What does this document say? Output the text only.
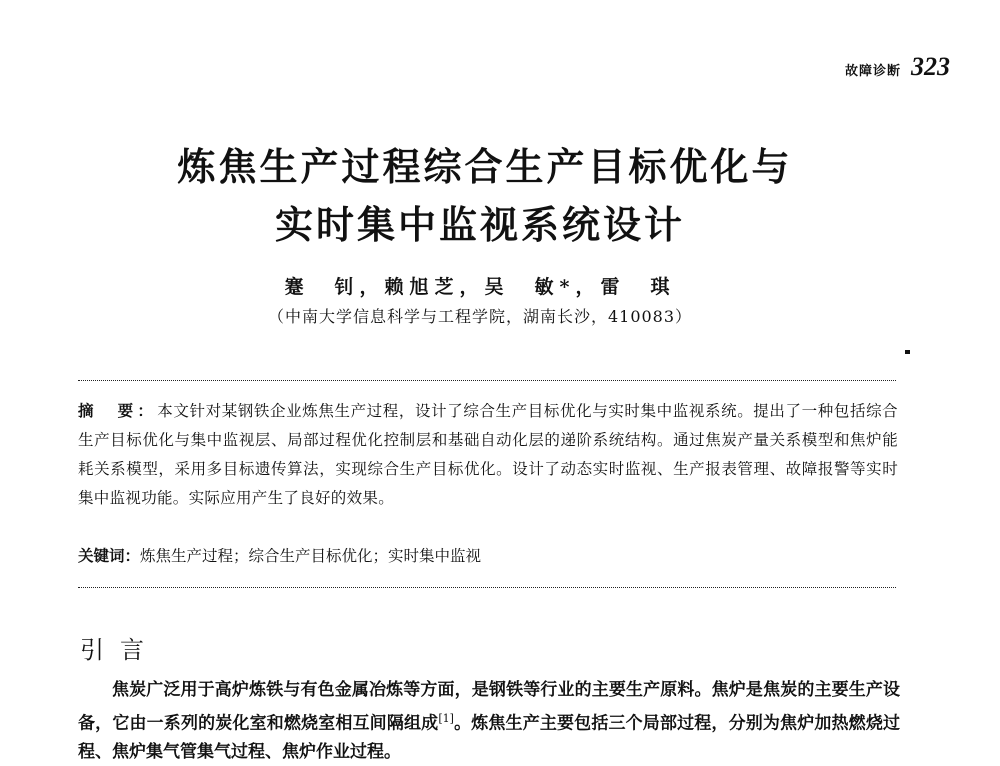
故障诊断 323
炼焦生产过程综合生产目标优化与
实时集中监视系统设计
蹇　钊，赖旭芝，吴　敏*，雷　琪
（中南大学信息科学与工程学院，湖南长沙，410083）
摘　要：本文针对某钢铁企业炼焦生产过程，设计了综合生产目标优化与实时集中监视系统。提出了一种包括综合生产目标优化与集中监视层、局部过程优化控制层和基础自动化层的递阶系统结构。通过焦炭产量关系模型和焦炉能耗关系模型，采用多目标遗传算法，实现综合生产目标优化。设计了动态实时监视、生产报表管理、故障报警等实时集中监视功能。实际应用产生了良好的效果。
关键词：炼焦生产过程；综合生产目标优化；实时集中监视
引言

焦炭广泛用于高炉炼铁与有色金属冶炼等方面，是钢铁等行业的主要生产原料。焦炉是焦炭的主要生产设备，它由一系列的炭化室和燃烧室相互间隔组成[1]。炼焦生产主要包括三个局部过程，分别为焦炉加热燃烧过程、焦炉集气管集气过程、焦炉作业过程。
